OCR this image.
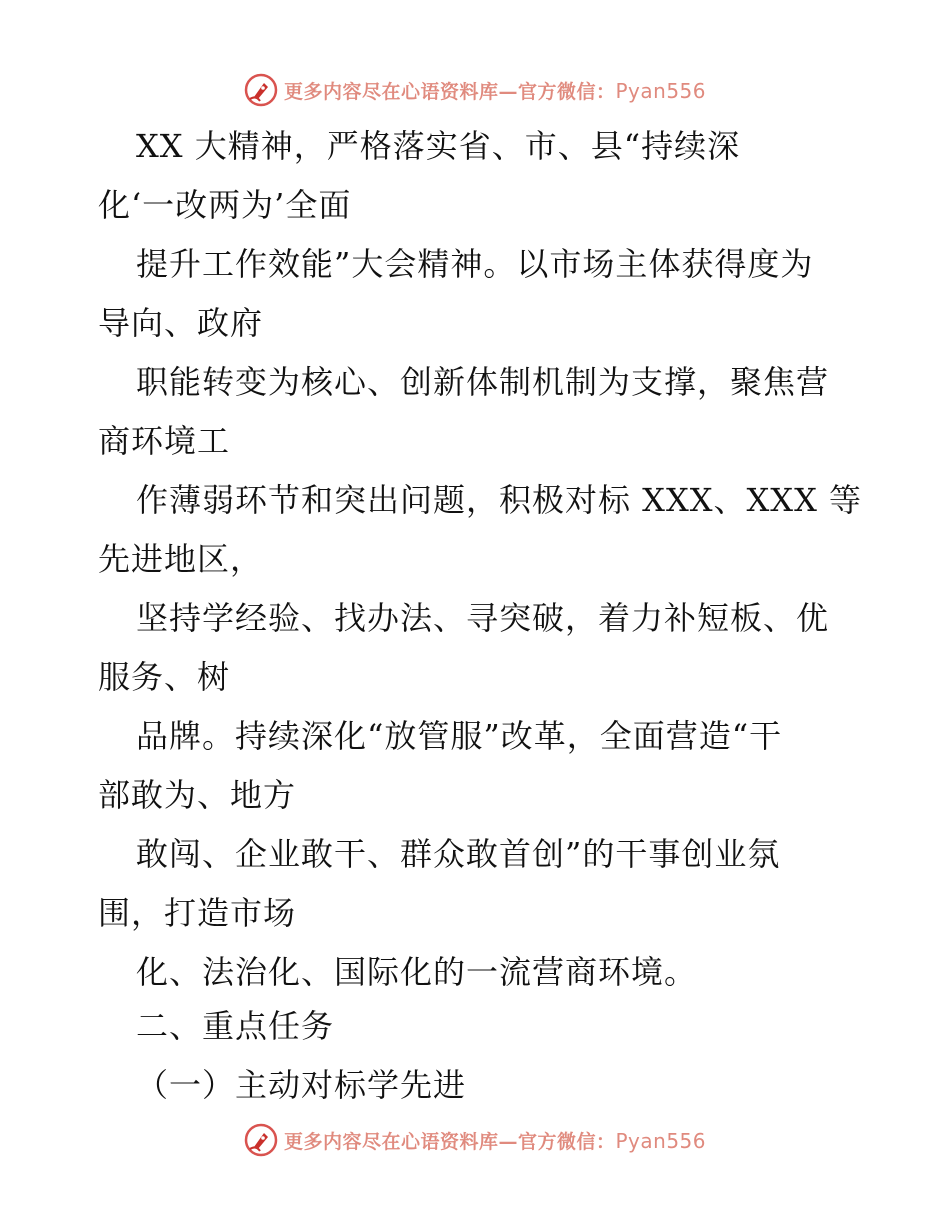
更多内容尽在心语资料库—官方微信：Pyan556
XX 大精神，严格落实省、市、县“持续深
化‘一改两为’全面
提升工作效能”大会精神。以市场主体获得度为
导向、政府
职能转变为核心、创新体制机制为支撑，聚焦营
商环境工
作薄弱环节和突出问题，积极对标 XXX、XXX 等
先进地区，
坚持学经验、找办法、寻突破，着力补短板、优
服务、树
品牌。持续深化“放管服”改革，全面营造“干
部敢为、地方
敢闯、企业敢干、群众敢首创”的干事创业氛
围，打造市场
化、法治化、国际化的一流营商环境。
二、重点任务
（一）主动对标学先进
更多内容尽在心语资料库—官方微信：Pyan556
